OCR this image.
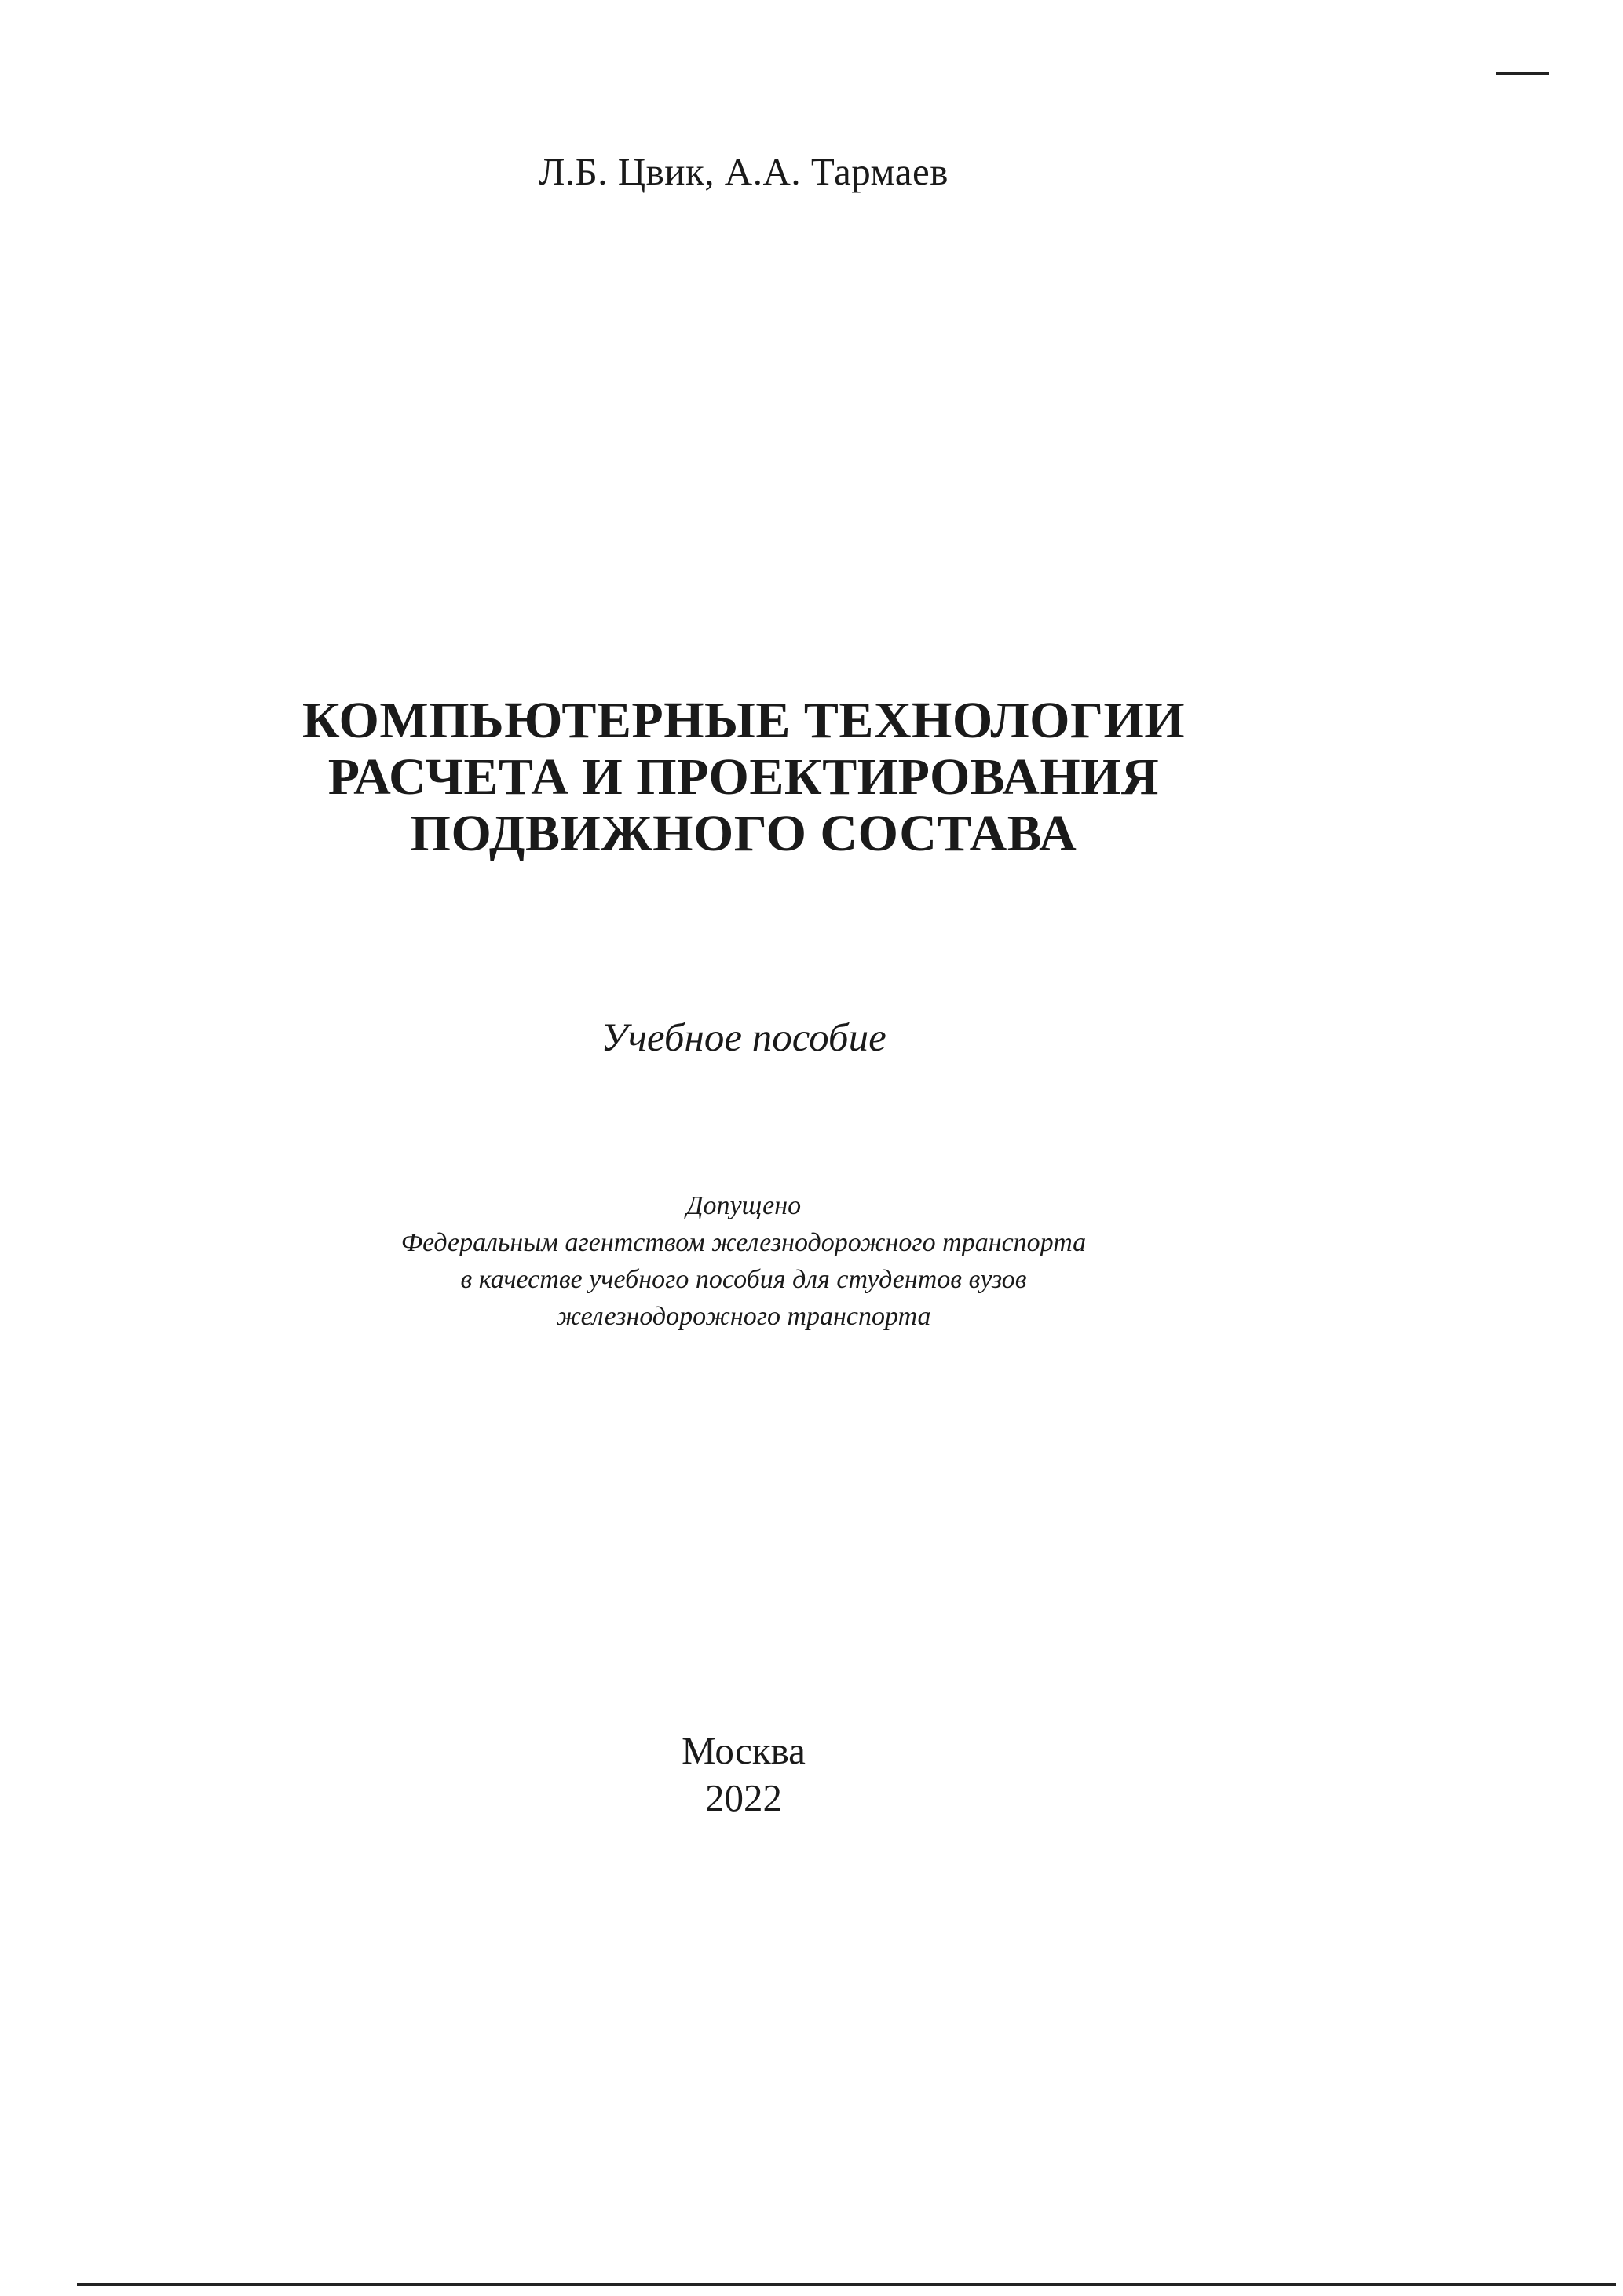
Л.Б. Цвик, А.А. Тармаев
КОМПЬЮТЕРНЫЕ ТЕХНОЛОГИИ
РАСЧЕТА И ПРОЕКТИРОВАНИЯ
ПОДВИЖНОГО СОСТАВА
Учебное пособие
Допущено
Федеральным агентством железнодорожного транспорта
в качестве учебного пособия для студентов вузов
железнодорожного транспорта
Москва
2022
